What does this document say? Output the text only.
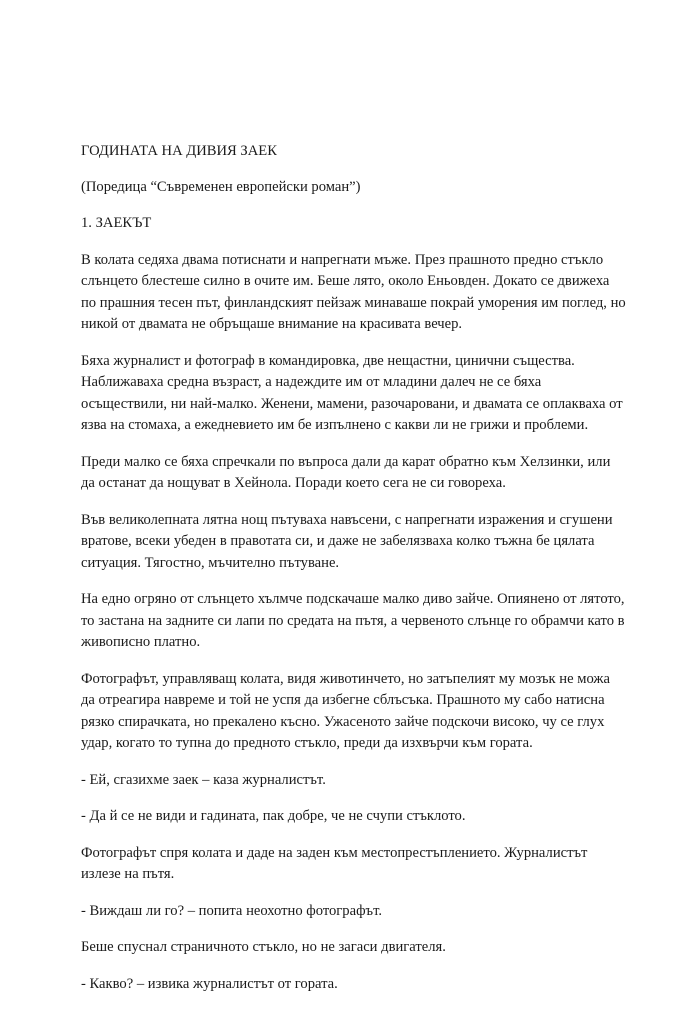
ГОДИНАТА НА ДИВИЯ ЗАЕК

(Поредица “Съвременен европейски роман”)

1. ЗАЕКЪТ

В колата седяха двама потиснати и напрегнати мъже. През прашното предно стъкло слънцето блестеше силно в очите им. Беше лято, около Еньовден. Докато се движеха по прашния тесен път, финландският пейзаж минаваше покрай уморения им поглед, но никой от двамата не обръщаше внимание на красивата вечер.

Бяха журналист и фотограф в командировка, две нещастни, цинични същества. Наближаваха средна възраст, а надеждите им от младини далеч не се бяха осъществили, ни най-малко. Женени, мамени, разочаровани, и двамата се оплакваха от язва на стомаха, а ежедневието им бе изпълнено с какви ли не грижи и проблеми.

Преди малко се бяха спречкали по въпроса дали да карат обратно към Хелзинки, или да останат да нощуват в Хейнола. Поради което сега не си говореха.

Във великолепната лятна нощ пътуваха навъсени, с напрегнати изражения и сгушени вратове, всеки убеден в правотата си, и даже не забелязваха колко тъжна бе цялата ситуация. Тягостно, мъчително пътуване.

На едно огряно от слънцето хълмче подскачаше малко диво зайче. Опиянено от лятото, то застана на задните си лапи по средата на пътя, а червеното слънце го обрамчи като в живописно платно.

Фотографът, управляващ колата, видя животинчето, но затъпелият му мозък не можа да отреагира навреме и той не успя да избегне сблъсъка. Прашното му сабо натисна рязко спирачката, но прекалено късно. Ужасеното зайче подскочи високо, чу се глух удар, когато то тупна до предното стъкло, преди да изхвърчи към гората.

- Ей, сгазихме заек – каза журналистът.

- Да й се не види и гадината, пак добре, че не счупи стъклото.

Фотографът спря колата и даде на заден към местопрестъплението. Журналистът излезе на пътя.

- Виждаш ли го? – попита неохотно фотографът.

Беше спуснал страничното стъкло, но не загаси двигателя.

- Какво? – извика журналистът от гората.
